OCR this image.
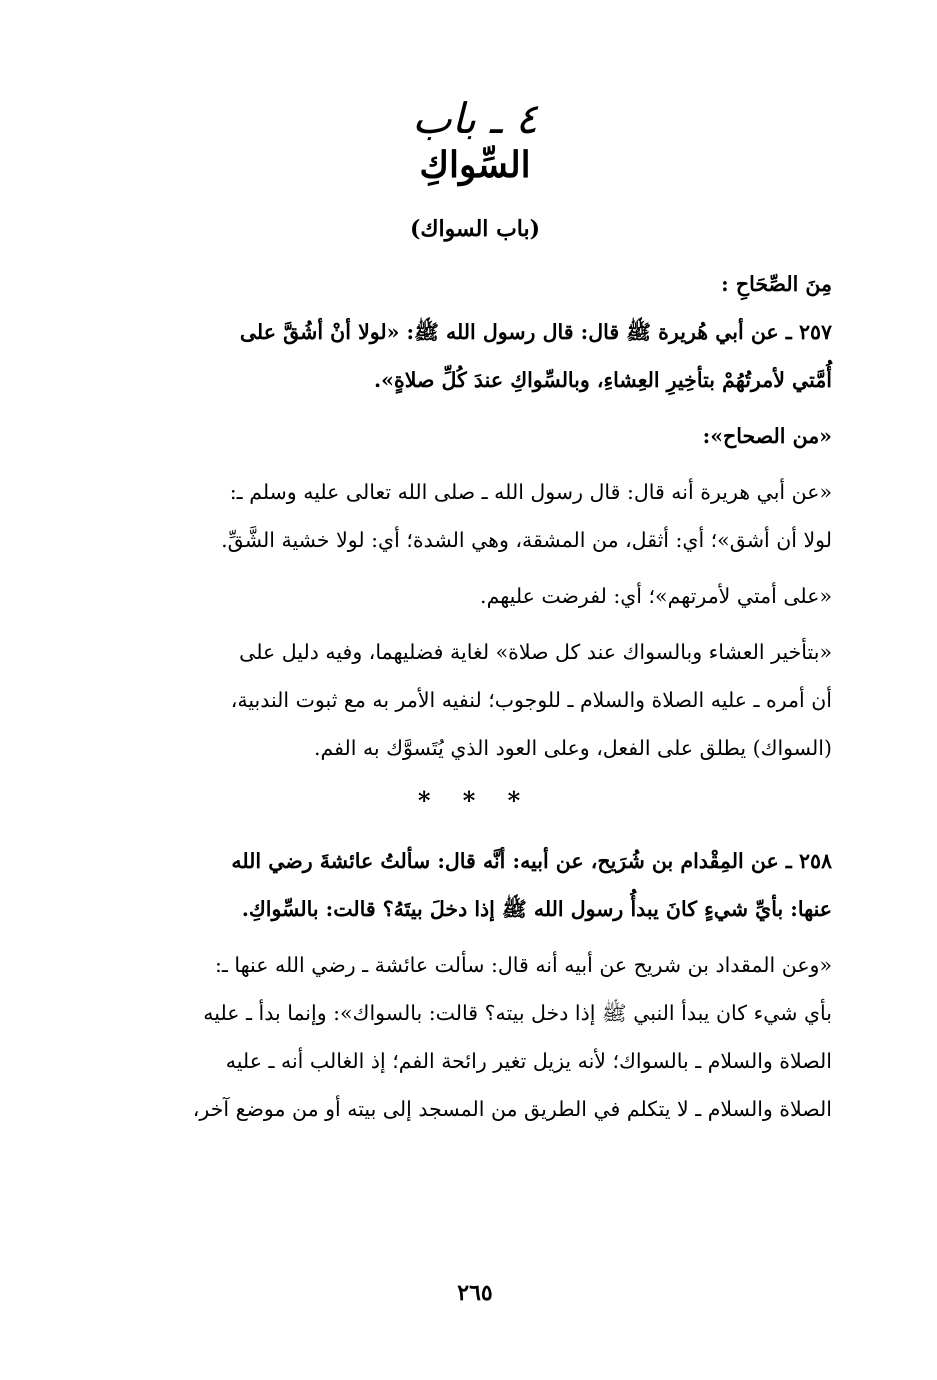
٤ ـ باب
السِّواكِ
(باب السواك)

مِنَ الصِّحَاحِ :

٢٥٧ ـ عن أبي هُريرة ﷺ قال: قال رسول الله ﷺ: «لولا أنْ أشُقَّ على

أُمَّتي لأمرتُهُمْ بتأخِيرِ العِشاءِ، وبالسِّواكِ عندَ كُلِّ صلاةٍ».

«من الصحاح»:

«عن أبي هريرة أنه قال: قال رسول الله ـ صلى الله تعالى عليه وسلم ـ:

لولا أن أشق»؛ أي: أثقل، من المشقة، وهي الشدة؛ أي: لولا خشية الشَّقِّ.

«على أمتي لأمرتهم»؛ أي: لفرضت عليهم.

«بتأخير العشاء وبالسواك عند كل صلاة» لغاية فضليهما، وفيه دليل على

أن أمره ـ عليه الصلاة والسلام ـ للوجوب؛ لنفيه الأمر به مع ثبوت الندبية،

(السواك) يطلق على الفعل، وعلى العود الذي يُتَسوَّك به الفم.

* * *

٢٥٨ ـ عن المِقْدام بن شُرَيح، عن أبيه: أنَّه قال: سألتُ عائشةَ رضي الله

عنها: بأيِّ شيءٍ كانَ يبدأُ رسول الله ﷺ إذا دخلَ بيتَهُ؟ قالت: بالسِّواكِ.

«وعن المقداد بن شريح عن أبيه أنه قال: سألت عائشة ـ رضي الله عنها ـ:

بأي شيء كان يبدأ النبي ﷺ إذا دخل بيته؟ قالت: بالسواك»: وإنما بدأ ـ عليه

الصلاة والسلام ـ بالسواك؛ لأنه يزيل تغير رائحة الفم؛ إذ الغالب أنه ـ عليه

الصلاة والسلام ـ لا يتكلم في الطريق من المسجد إلى بيته أو من موضع آخر،

٢٦٥
